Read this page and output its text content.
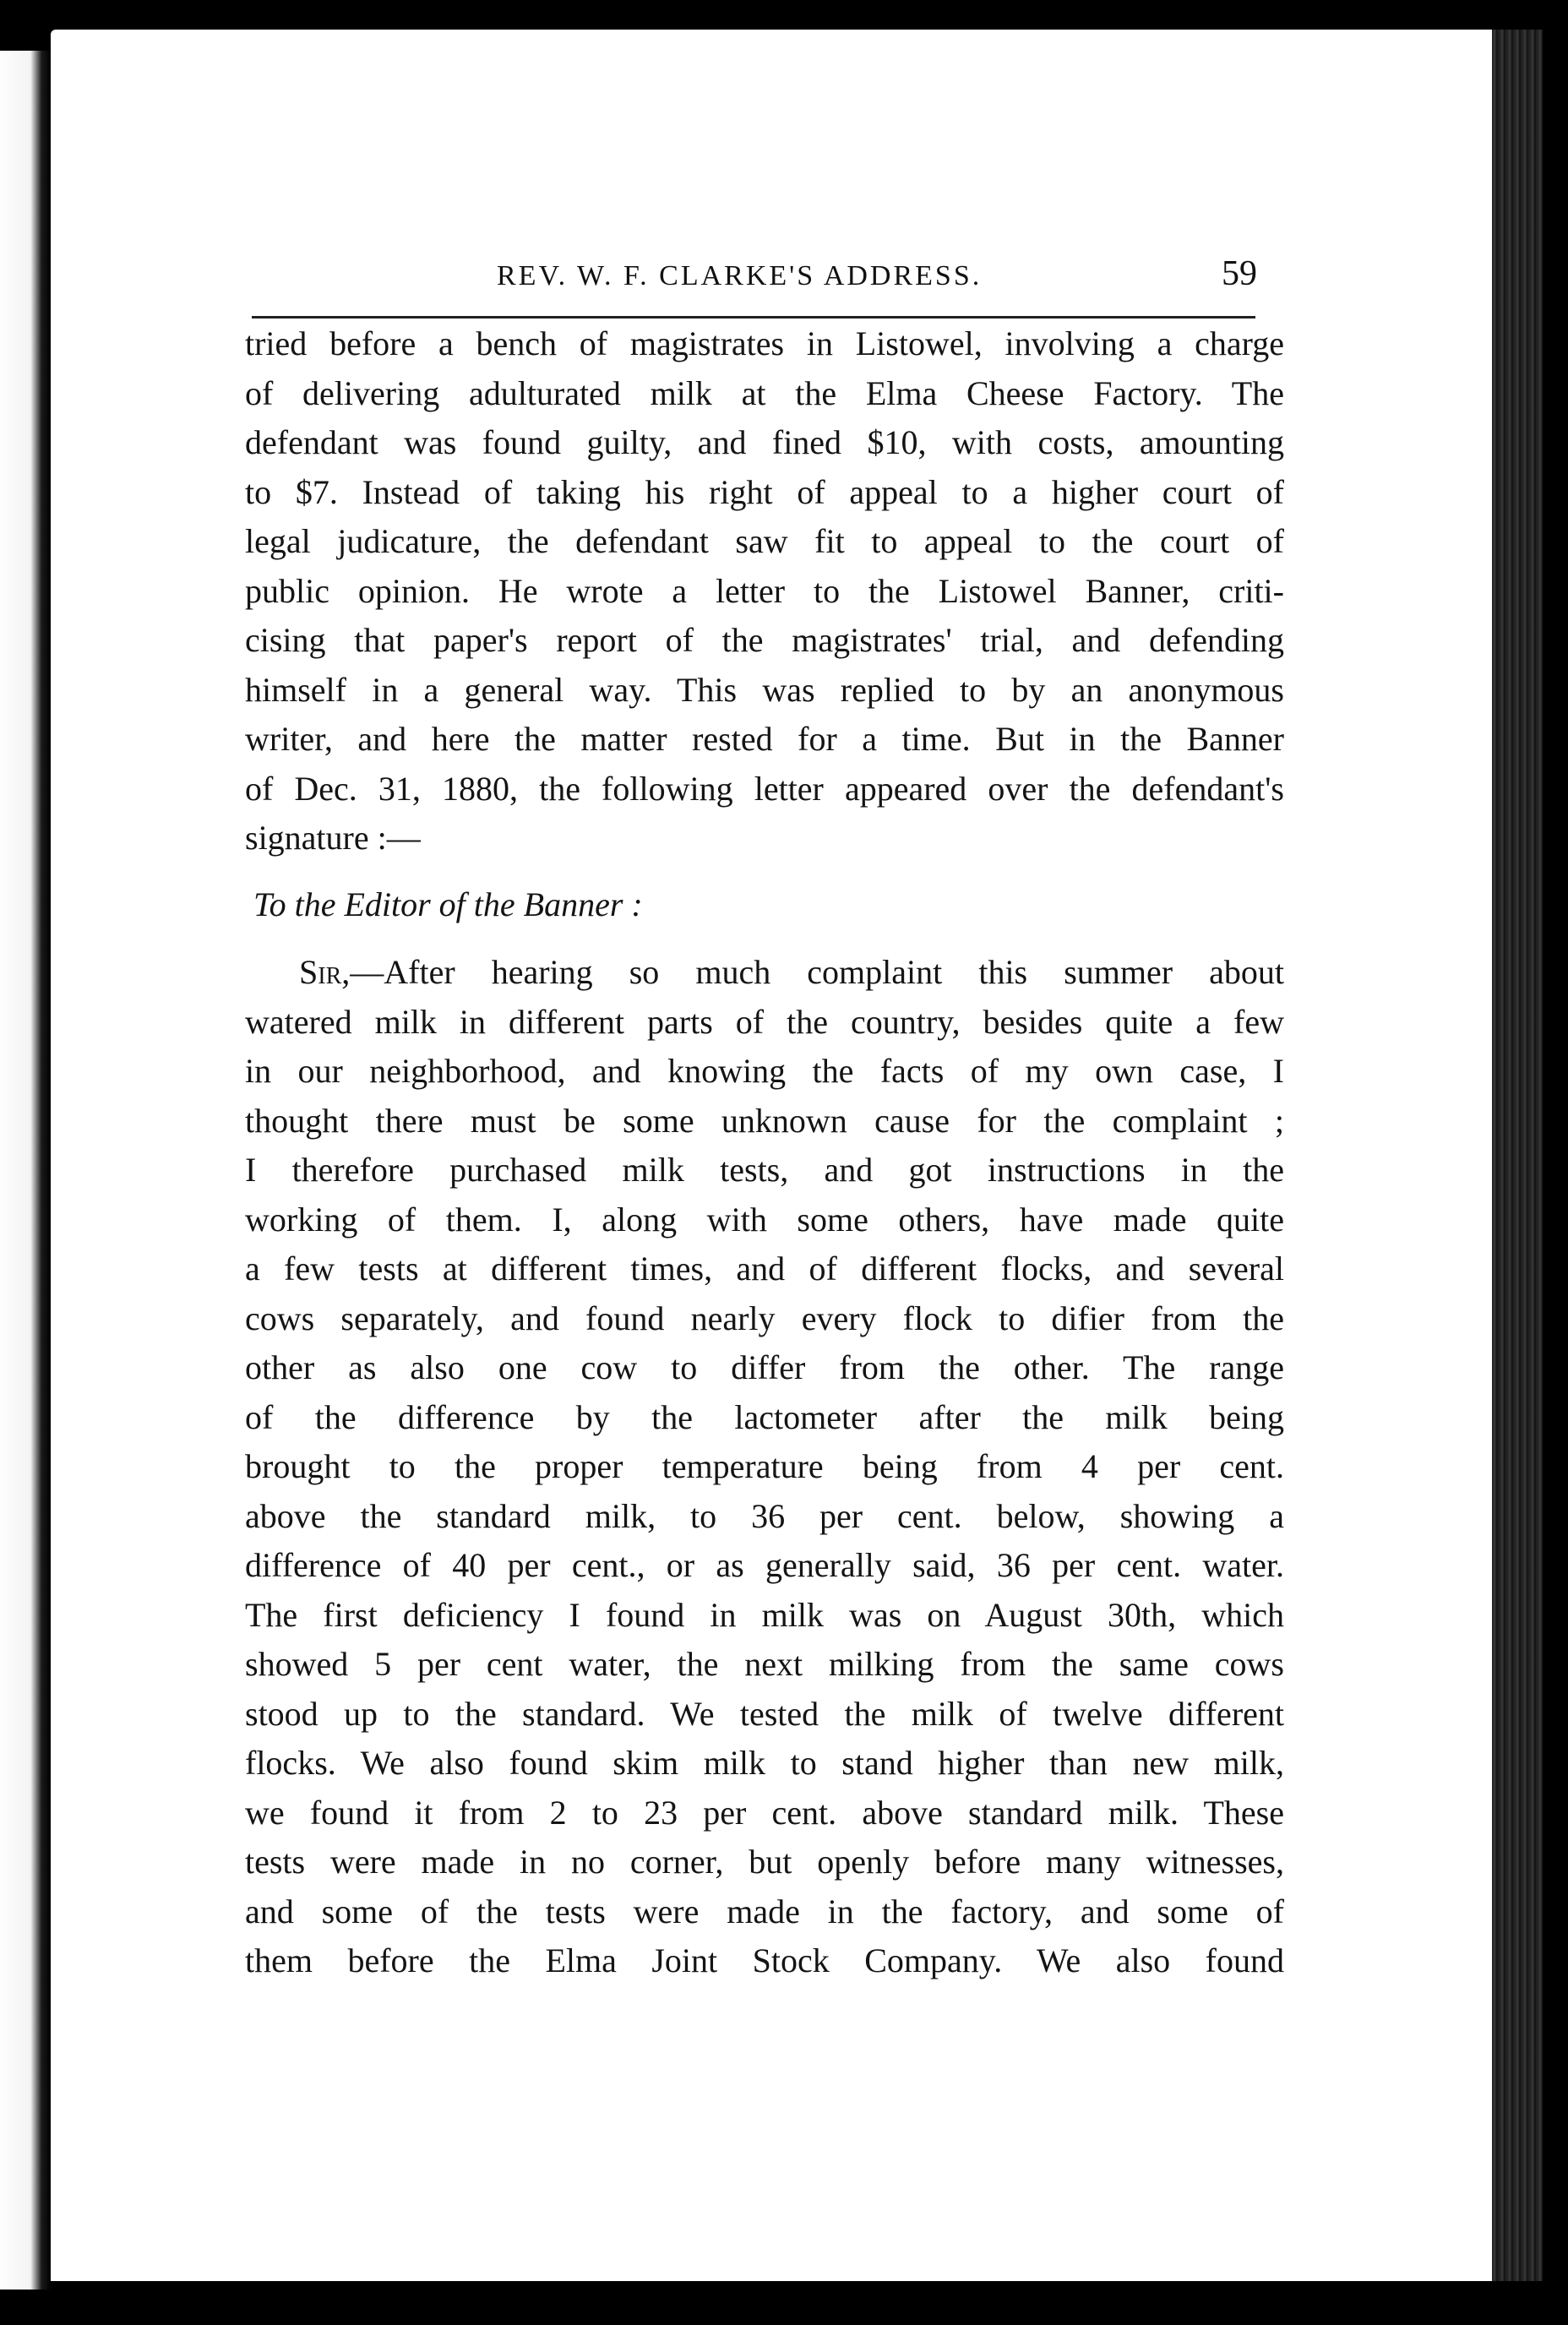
REV. W. F. CLARKE'S ADDRESS.	59
tried before a bench of magistrates in Listowel, involving a charge
of delivering adulturated milk at the Elma Cheese Factory. The
defendant was found guilty, and fined $10, with costs, amounting
to $7. Instead of taking his right of appeal to a higher court of
legal judicature, the defendant saw fit to appeal to the court of
public opinion. He wrote a letter to the Listowel Banner, criti-
cising that paper's report of the magistrates' trial, and defending
himself in a general way. This was replied to by an anonymous
writer, and here the matter rested for a time. But in the Banner
of Dec. 31, 1880, the following letter appeared over the defendant's
signature :—
To the Editor of the Banner :
Sir,—After hearing so much complaint this summer about
watered milk in different parts of the country, besides quite a few
in our neighborhood, and knowing the facts of my own case, I
thought there must be some unknown cause for the complaint ;
I therefore purchased milk tests, and got instructions in the
working of them. I, along with some others, have made quite
a few tests at different times, and of different flocks, and several
cows separately, and found nearly every flock to difier from the
other as also one cow to differ from the other. The range
of the difference by the lactometer after the milk being
brought to the proper temperature being from 4 per cent.
above the standard milk, to 36 per cent. below, showing a
difference of 40 per cent., or as generally said, 36 per cent. water.
The first deficiency I found in milk was on August 30th, which
showed 5 per cent water, the next milking from the same cows
stood up to the standard. We tested the milk of twelve different
flocks. We also found skim milk to stand higher than new milk,
we found it from 2 to 23 per cent. above standard milk. These
tests were made in no corner, but openly before many witnesses,
and some of the tests were made in the factory, and some of
them before the Elma Joint Stock Company. We also found
